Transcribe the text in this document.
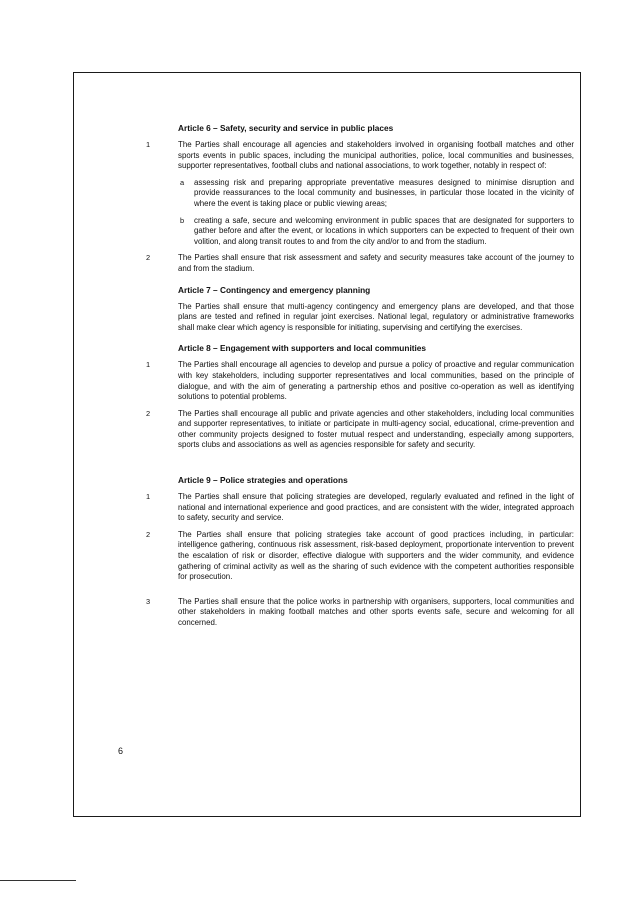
Article 6 – Safety, security and service in public places
1	The Parties shall encourage all agencies and stakeholders involved in organising football matches and other sports events in public spaces, including the municipal authorities, police, local communities and businesses, supporter representatives, football clubs and national associations, to work together, notably in respect of:
a assessing risk and preparing appropriate preventative measures designed to minimise disruption and provide reassurances to the local community and businesses, in particular those located in the vicinity of where the event is taking place or public viewing areas;
b creating a safe, secure and welcoming environment in public spaces that are designated for supporters to gather before and after the event, or locations in which supporters can be expected to frequent of their own volition, and along transit routes to and from the city and/or to and from the stadium.
2	The Parties shall ensure that risk assessment and safety and security measures take account of the journey to and from the stadium.
Article 7 – Contingency and emergency planning
The Parties shall ensure that multi-agency contingency and emergency plans are developed, and that those plans are tested and refined in regular joint exercises. National legal, regulatory or administrative frameworks shall make clear which agency is responsible for initiating, supervising and certifying the exercises.
Article 8 – Engagement with supporters and local communities
1	The Parties shall encourage all agencies to develop and pursue a policy of proactive and regular communication with key stakeholders, including supporter representatives and local communities, based on the principle of dialogue, and with the aim of generating a partnership ethos and positive co-operation as well as identifying solutions to potential problems.
2	The Parties shall encourage all public and private agencies and other stakeholders, including local communities and supporter representatives, to initiate or participate in multi-agency social, educational, crime-prevention and other community projects designed to foster mutual respect and understanding, especially among supporters, sports clubs and associations as well as agencies responsible for safety and security.
Article 9 – Police strategies and operations
1	The Parties shall ensure that policing strategies are developed, regularly evaluated and refined in the light of national and international experience and good practices, and are consistent with the wider, integrated approach to safety, security and service.
2	The Parties shall ensure that policing strategies take account of good practices including, in particular: intelligence gathering, continuous risk assessment, risk-based deployment, proportionate intervention to prevent the escalation of risk or disorder, effective dialogue with supporters and the wider community, and evidence gathering of criminal activity as well as the sharing of such evidence with the competent authorities responsible for prosecution.
3	The Parties shall ensure that the police works in partnership with organisers, supporters, local communities and other stakeholders in making football matches and other sports events safe, secure and welcoming for all concerned.
6
